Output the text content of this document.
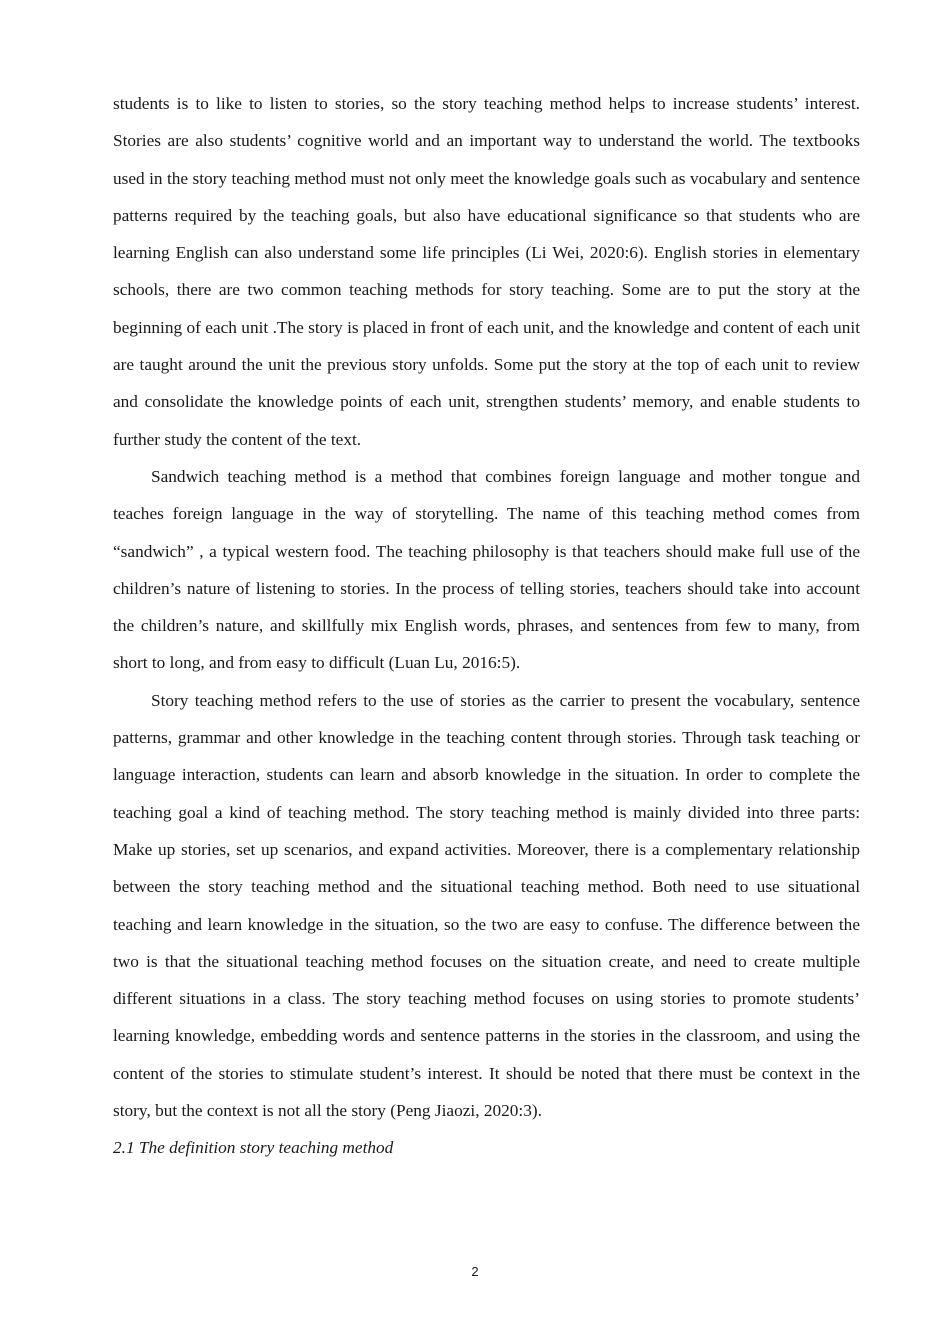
students is to like to listen to stories, so the story teaching method helps to increase students’ interest. Stories are also students’ cognitive world and an important way to understand the world. The textbooks used in the story teaching method must not only meet the knowledge goals such as vocabulary and sentence patterns required by the teaching goals, but also have educational significance so that students who are learning English can also understand some life principles (Li Wei, 2020:6). English stories in elementary schools, there are two common teaching methods for story teaching. Some are to put the story at the beginning of each unit .The story is placed in front of each unit, and the knowledge and content of each unit are taught around the unit the previous story unfolds. Some put the story at the top of each unit to review and consolidate the knowledge points of each unit, strengthen students’ memory, and enable students to further study the content of the text.

Sandwich teaching method is a method that combines foreign language and mother tongue and teaches foreign language in the way of storytelling. The name of this teaching method comes from “sandwich” , a typical western food. The teaching philosophy is that teachers should make full use of the children’s nature of listening to stories. In the process of telling stories, teachers should take into account the children’s nature, and skillfully mix English words, phrases, and sentences from few to many, from short to long, and from easy to difficult (Luan Lu, 2016:5).

Story teaching method refers to the use of stories as the carrier to present the vocabulary, sentence patterns, grammar and other knowledge in the teaching content through stories. Through task teaching or language interaction, students can learn and absorb knowledge in the situation. In order to complete the teaching goal a kind of teaching method. The story teaching method is mainly divided into three parts: Make up stories, set up scenarios, and expand activities. Moreover, there is a complementary relationship between the story teaching method and the situational teaching method. Both need to use situational teaching and learn knowledge in the situation, so the two are easy to confuse. The difference between the two is that the situational teaching method focuses on the situation create, and need to create multiple different situations in a class. The story teaching method focuses on using stories to promote students’ learning knowledge, embedding words and sentence patterns in the stories in the classroom, and using the content of the stories to stimulate student’s interest. It should be noted that there must be context in the story, but the context is not all the story (Peng Jiaozi, 2020:3).

2.1 The definition story teaching method

2
